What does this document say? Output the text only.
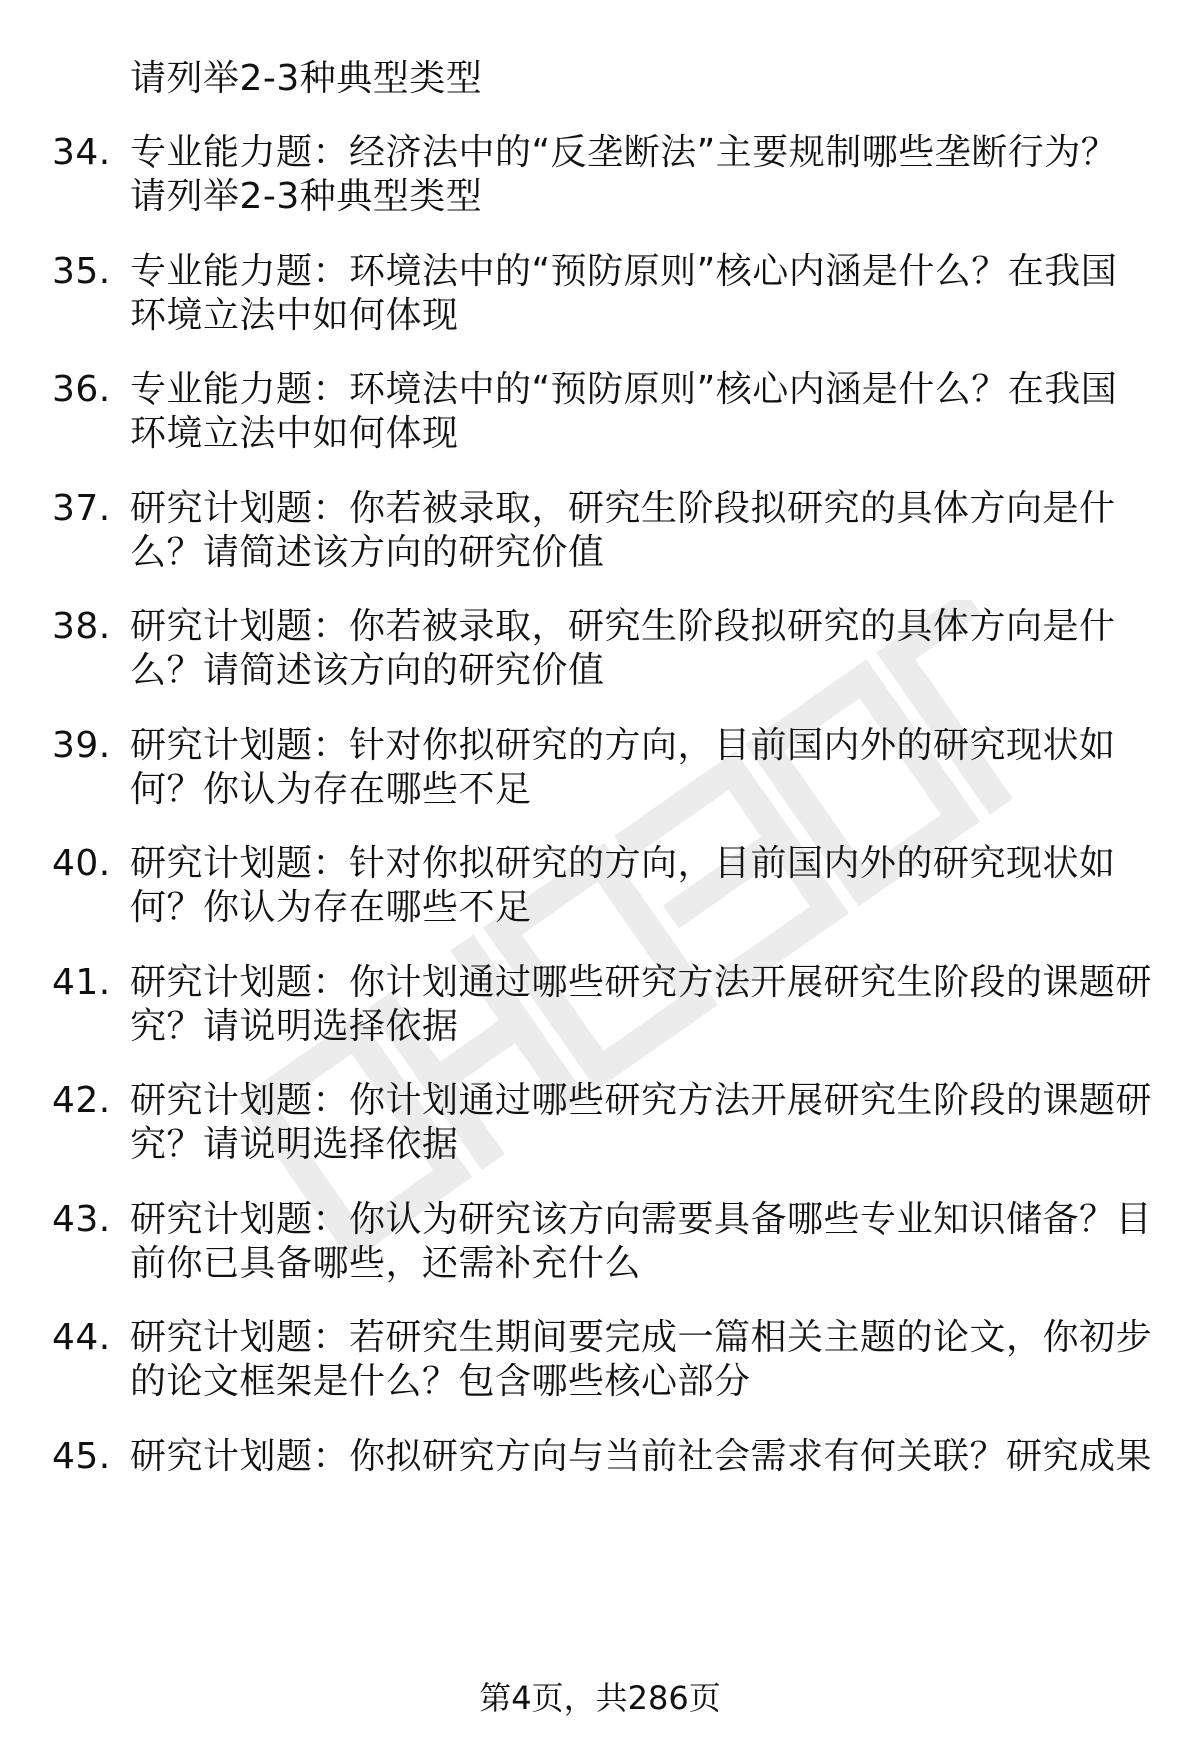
请列举2-3种典型类型
34. 专业能力题：经济法中的“反垄断法”主要规制哪些垄断行为？
请列举2-3种典型类型
35. 专业能力题：环境法中的“预防原则”核心内涵是什么？在我国
环境立法中如何体现
36. 专业能力题：环境法中的“预防原则”核心内涵是什么？在我国
环境立法中如何体现
37. 研究计划题：你若被录取，研究生阶段拟研究的具体方向是什
么？请简述该方向的研究价值
38. 研究计划题：你若被录取，研究生阶段拟研究的具体方向是什
么？请简述该方向的研究价值
39. 研究计划题：针对你拟研究的方向，目前国内外的研究现状如
何？你认为存在哪些不足
40. 研究计划题：针对你拟研究的方向，目前国内外的研究现状如
何？你认为存在哪些不足
41. 研究计划题：你计划通过哪些研究方法开展研究生阶段的课题研
究？请说明选择依据
42. 研究计划题：你计划通过哪些研究方法开展研究生阶段的课题研
究？请说明选择依据
43. 研究计划题：你认为研究该方向需要具备哪些专业知识储备？目
前你已具备哪些，还需补充什么
44. 研究计划题：若研究生期间要完成一篇相关主题的论文，你初步
的论文框架是什么？包含哪些核心部分
45. 研究计划题：你拟研究方向与当前社会需求有何关联？研究成果
第4页，共286页
